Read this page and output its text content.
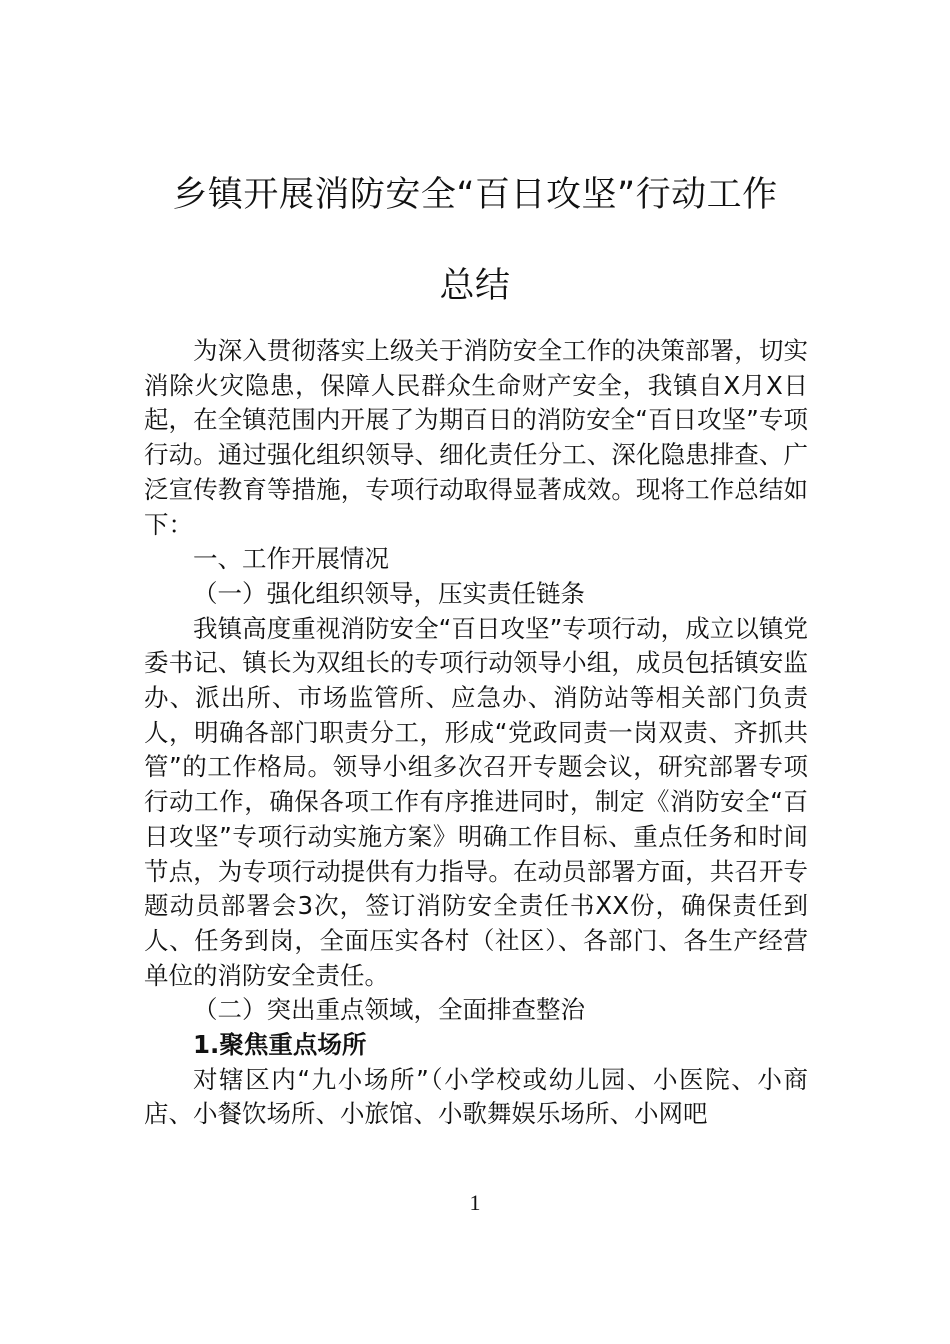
乡镇开展消防安全“百日攻坚”行动工作
总结

为深入贯彻落实上级关于消防安全工作的决策部署，切实消除火灾隐患，保障人民群众生命财产安全，我镇自X月X日起，在全镇范围内开展了为期百日的消防安全“百日攻坚”专项行动。通过强化组织领导、细化责任分工、深化隐患排查、广泛宣传教育等措施，专项行动取得显著成效。现将工作总结如下：

一、工作开展情况

（一）强化组织领导，压实责任链条

我镇高度重视消防安全“百日攻坚”专项行动，成立以镇党委书记、镇长为双组长的专项行动领导小组，成员包括镇安监办、派出所、市场监管所、应急办、消防站等相关部门负责人，明确各部门职责分工，形成“党政同责一岗双责、齐抓共管”的工作格局。领导小组多次召开专题会议，研究部署专项行动工作，确保各项工作有序推进同时，制定《消防安全“百日攻坚”专项行动实施方案》明确工作目标、重点任务和时间节点，为专项行动提供有力指导。在动员部署方面，共召开专题动员部署会3次，签订消防安全责任书XX份，确保责任到人、任务到岗，全面压实各村（社区）、各部门、各生产经营单位的消防安全责任。

（二）突出重点领域，全面排查整治

1.聚焦重点场所

对辖区内“九小场所”（小学校或幼儿园、小医院、小商店、小餐饮场所、小旅馆、小歌舞娱乐场所、小网吧

1
